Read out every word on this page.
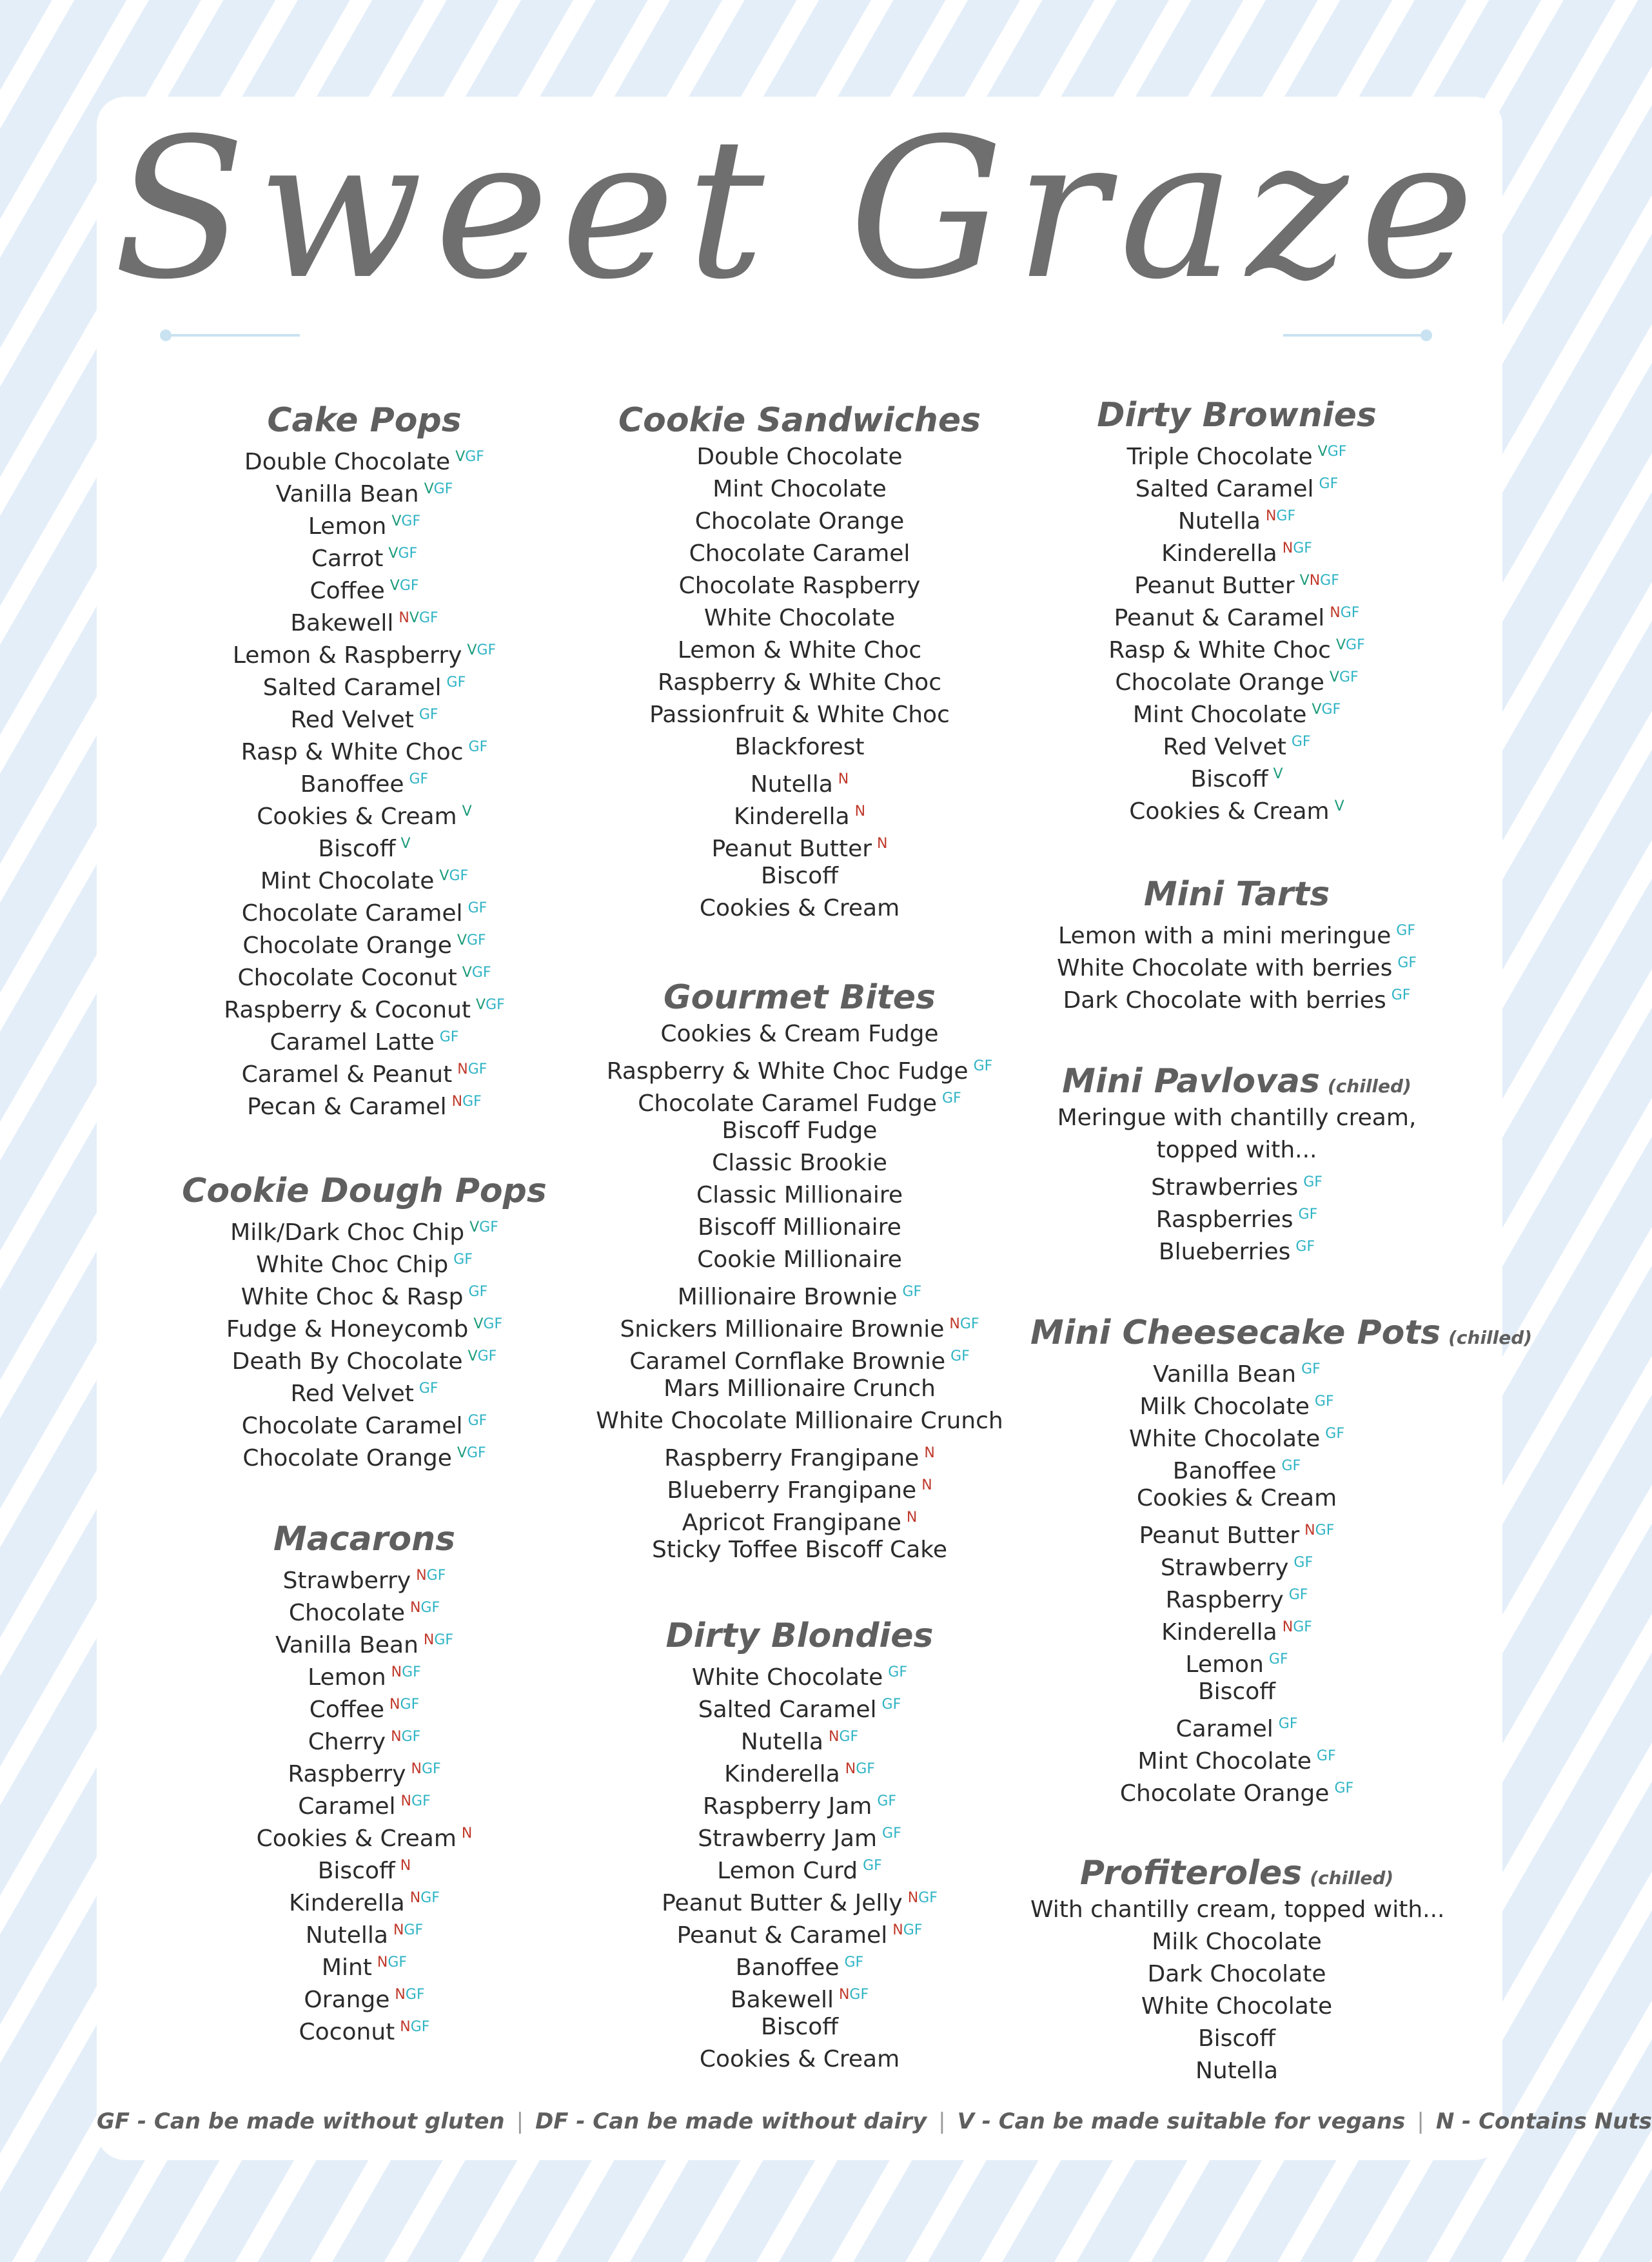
Sweet Graze
Cake Pops
Double Chocolate $^{VGF}$
Vanilla Bean $^{VGF}$
Lemon $^{VGF}$
Carrot $^{VGF}$
Coffee $^{VGF}$
Bakewell $^{NVGF}$
Lemon & Raspberry $^{VGF}$
Salted Caramel $^{GF}$
Red Velvet $^{GF}$
Rasp & White Choc $^{GF}$
Banoffee $^{GF}$
Cookies & Cream $^V$
Biscoff $^V$
Mint Chocolate $^{VGF}$
Chocolate Caramel $^{GF}$
Chocolate Orange $^{VGF}$
Chocolate Coconut $^{VGF}$
Raspberry & Coconut $^{VGF}$
Caramel Latte $^{GF}$
Caramel & Peanut $^{NGF}$
Pecan & Caramel $^{NGF}$
Cookie Dough Pops
Milk/Dark Choc Chip $^{VGF}$
White Choc Chip $^{GF}$
White Choc & Rasp $^{GF}$
Fudge & Honeycomb $^{VGF}$
Death By Chocolate $^{VGF}$
Red Velvet $^{GF}$
Chocolate Caramel $^{GF}$
Chocolate Orange $^{VGF}$
Macarons
Strawberry $^{NGF}$
Chocolate $^{NGF}$
Vanilla Bean $^{NGF}$
Lemon $^{NGF}$
Coffee $^{NGF}$
Cherry $^{NGF}$
Raspberry $^{NGF}$
Caramel $^{NGF}$
Cookies & Cream $^N$
Biscoff $^N$
Kinderella $^{NGF}$
Nutella $^{NGF}$
Mint $^{NGF}$
Orange $^{NGF}$
Coconut $^{NGF}$
Cookie Sandwiches
Double Chocolate
Mint Chocolate
Chocolate Orange
Chocolate Caramel
Chocolate Raspberry
White Chocolate
Lemon & White Choc
Raspberry & White Choc
Passionfruit & White Choc
Blackforest
Nutella $^N$
Kinderella $^N$
Peanut Butter $^N$
Biscoff
Cookies & Cream
Gourmet Bites
Cookies & Cream Fudge
Raspberry & White Choc Fudge $^{GF}$
Chocolate Caramel Fudge $^{GF}$
Biscoff Fudge
Classic Brookie
Classic Millionaire
Biscoff Millionaire
Cookie Millionaire
Millionaire Brownie $^{GF}$
Snickers Millionaire Brownie $^{NGF}$
Caramel Cornflake Brownie $^{GF}$
Mars Millionaire Crunch
White Chocolate Millionaire Crunch
Raspberry Frangipane $^N$
Blueberry Frangipane $^N$
Apricot Frangipane $^N$
Sticky Toffee Biscoff Cake
Dirty Blondies
White Chocolate $^{GF}$
Salted Caramel $^{GF}$
Nutella $^{NGF}$
Kinderella $^{NGF}$
Raspberry Jam $^{GF}$
Strawberry Jam $^{GF}$
Lemon Curd $^{GF}$
Peanut Butter & Jelly $^{NGF}$
Peanut & Caramel $^{NGF}$
Banoffee $^{GF}$
Bakewell $^{NGF}$
Biscoff
Cookies & Cream
Dirty Brownies
Triple Chocolate $^{VGF}$
Salted Caramel $^{GF}$
Nutella $^{NGF}$
Kinderella $^{NGF}$
Peanut Butter $^{VNGF}$
Peanut & Caramel $^{NGF}$
Rasp & White Choc $^{VGF}$
Chocolate Orange $^{VGF}$
Mint Chocolate $^{VGF}$
Red Velvet $^{GF}$
Biscoff $^V$
Cookies & Cream $^V$
Mini Tarts
Lemon with a mini meringue $^{GF}$
White Chocolate with berries $^{GF}$
Dark Chocolate with berries $^{GF}$
Mini Pavlovas (chilled)
Meringue with chantilly cream,
topped with...
Strawberries $^{GF}$
Raspberries $^{GF}$
Blueberries $^{GF}$
Mini Cheesecake Pots (chilled)
Vanilla Bean $^{GF}$
Milk Chocolate $^{GF}$
White Chocolate $^{GF}$
Banoffee $^{GF}$
Cookies & Cream
Peanut Butter $^{NGF}$
Strawberry $^{GF}$
Raspberry $^{GF}$
Kinderella $^{NGF}$
Lemon $^{GF}$
Biscoff
Caramel $^{GF}$
Mint Chocolate $^{GF}$
Chocolate Orange $^{GF}$
Profiteroles (chilled)
With chantilly cream, topped with...
Milk Chocolate
Dark Chocolate
White Chocolate
Biscoff
Nutella
GF - Can be made without gluten | DF - Can be made without dairy | V - Can be made suitable for vegans | N - Contains Nuts
